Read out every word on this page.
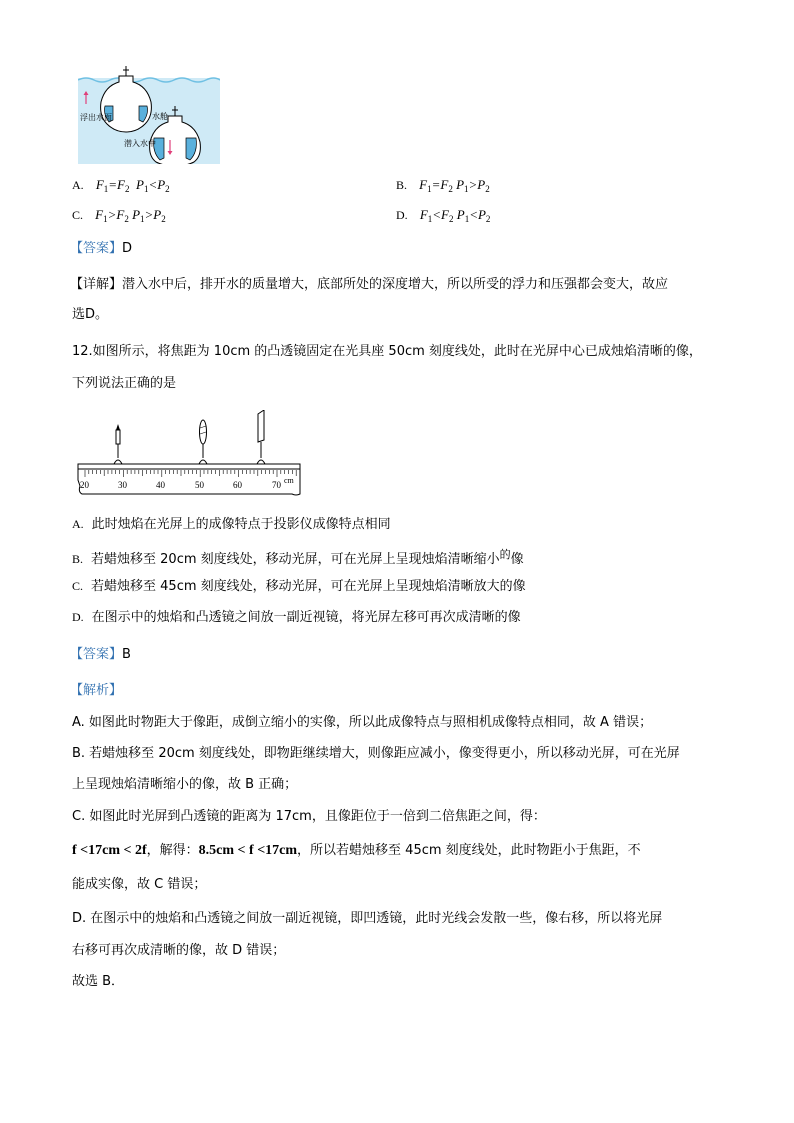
浮出水面	水舱
潜入水中
A. $F_1=F_2$  $P_1<P_2$	B. $F_1=F_2$ $P_1>P_2$
C. $F_1>F_2$ $P_1>P_2$	D. $F_1<F_2$ $P_1<P_2$
【答案】D
【详解】潜入水中后，排开水的质量增大，底部所处的深度增大，所以所受的浮力和压强都会变大，故应
选D。
12.如图所示，将焦距为 10cm 的凸透镜固定在光具座 50cm 刻度线处，此时在光屏中心已成烛焰清晰的像，
下列说法正确的是
20	30	40	50	60	70 cm
A. 此时烛焰在光屏上的成像特点于投影仪成像特点相同
B. 若蜡烛移至 20cm 刻度线处，移动光屏，可在光屏上呈现烛焰清晰缩小$^的$像
C. 若蜡烛移至 45cm 刻度线处，移动光屏，可在光屏上呈现烛焰清晰放大的像
D. 在图示中的烛焰和凸透镜之间放一副近视镜，将光屏左移可再次成清晰的像
【答案】B
【解析】
A. 如图此时物距大于像距，成倒立缩小的实像，所以此成像特点与照相机成像特点相同，故 A 错误；
B. 若蜡烛移至 20cm 刻度线处，即物距继续增大，则像距应减小，像变得更小，所以移动光屏，可在光屏
上呈现烛焰清晰缩小的像，故 B 正确；
C. 如图此时光屏到凸透镜的距离为 17cm，且像距位于一倍到二倍焦距之间，得：
f <17cm < 2f，解得：8.5cm < f <17cm，所以若蜡烛移至 45cm 刻度线处，此时物距小于焦距，不
能成实像，故 C 错误；
D. 在图示中的烛焰和凸透镜之间放一副近视镜，即凹透镜，此时光线会发散一些，像右移，所以将光屏
右移可再次成清晰的像，故 D 错误；
故选 B．
